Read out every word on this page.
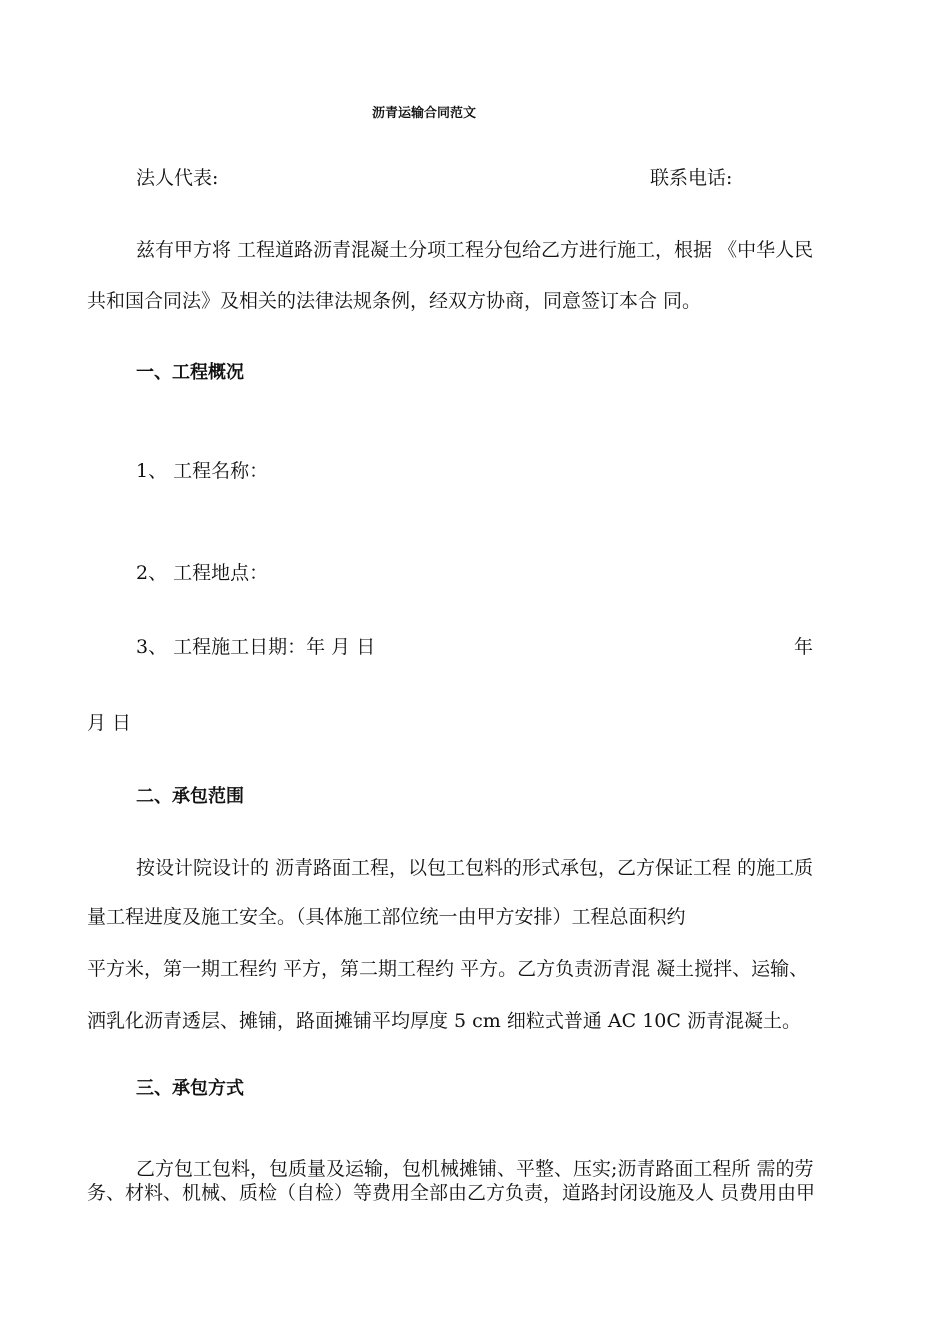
沥青运输合同范文
法人代表:	联系电话:
兹有甲方将 工程道路沥青混凝土分项工程分包给乙方进行施工，根据 《中华人民
共和国合同法》及相关的法律法规条例，经双方协商，同意签订本合 同。
一、工程概况
1、 工程名称：
2、 工程地点：
3、 工程施工日期：年 月 日	年
月 日
二、承包范围
按设计院设计的 沥青路面工程，以包工包料的形式承包，乙方保证工程 的施工质
量工程进度及施工安全。（具体施工部位统一由甲方安排）工程总面积约
平方米，第一期工程约 平方，第二期工程约 平方。乙方负责沥青混 凝土搅拌、运输、
洒乳化沥青透层、摊铺，路面摊铺平均厚度 5 cm 细粒式普通 AC 10C 沥青混凝土。
三、承包方式
乙方包工包料，包质量及运输，包机械摊铺、平整、压实;沥青路面工程所 需的劳
务、材料、机械、质检（自检）等费用全部由乙方负责，道路封闭设施及人 员费用由甲
